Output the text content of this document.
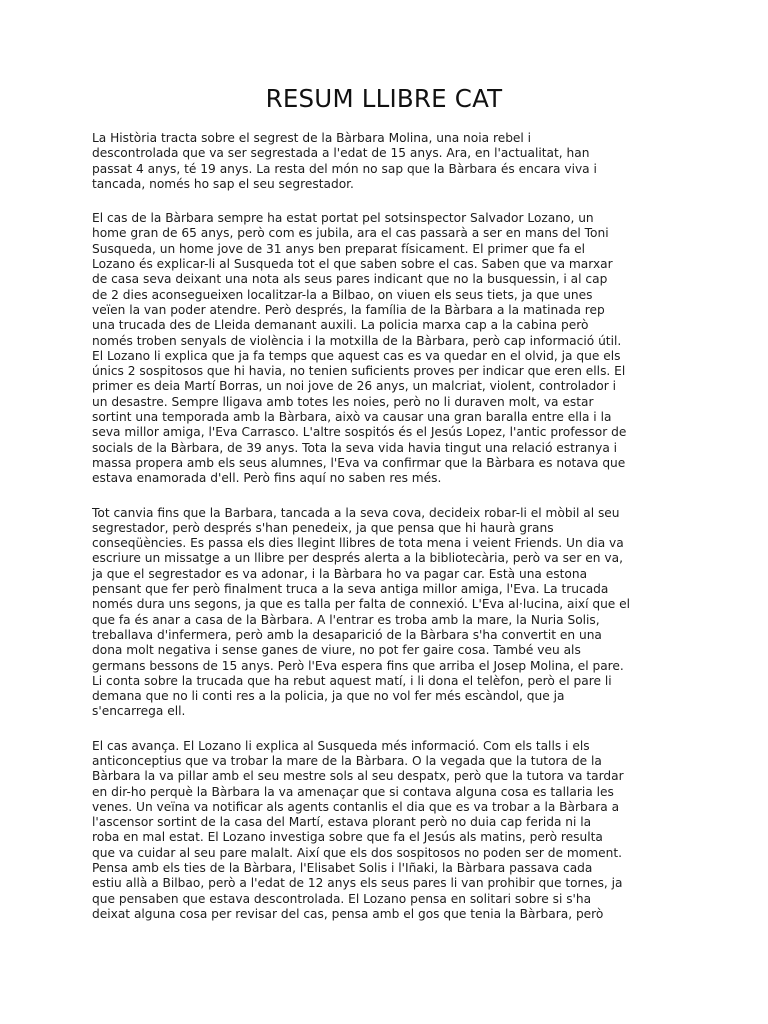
RESUM LLIBRE CAT

La Història tracta sobre el segrest de la Bàrbara Molina, una noia rebel i
descontrolada que va ser segrestada a l'edat de 15 anys. Ara, en l'actualitat, han
passat 4 anys, té 19 anys. La resta del món no sap que la Bàrbara és encara viva i
tancada, només ho sap el seu segrestador.

El cas de la Bàrbara sempre ha estat portat pel sotsinspector Salvador Lozano, un
home gran de 65 anys, però com es jubila, ara el cas passarà a ser en mans del Toni
Susqueda, un home jove de 31 anys ben preparat físicament. El primer que fa el
Lozano és explicar-li al Susqueda tot el que saben sobre el cas. Saben que va marxar
de casa seva deixant una nota als seus pares indicant que no la busquessin, i al cap
de 2 dies aconsegueixen localitzar-la a Bilbao, on viuen els seus tiets, ja que unes
veïen la van poder atendre. Però després, la família de la Bàrbara a la matinada rep
una trucada des de Lleida demanant auxili. La policia marxa cap a la cabina però
només troben senyals de violència i la motxilla de la Bàrbara, però cap informació útil.
El Lozano li explica que ja fa temps que aquest cas es va quedar en el olvid, ja que els
únics 2 sospitosos que hi havia, no tenien suficients proves per indicar que eren ells. El
primer es deia Martí Borras, un noi jove de 26 anys, un malcriat, violent, controlador i
un desastre. Sempre lligava amb totes les noies, però no li duraven molt, va estar
sortint una temporada amb la Bàrbara, això va causar una gran baralla entre ella i la
seva millor amiga, l'Eva Carrasco. L'altre sospitós és el Jesús Lopez, l'antic professor de
socials de la Bàrbara, de 39 anys. Tota la seva vida havia tingut una relació estranya i
massa propera amb els seus alumnes, l'Eva va confirmar que la Bàrbara es notava que
estava enamorada d'ell. Però fins aquí no saben res més.

Tot canvia fins que la Barbara, tancada a la seva cova, decideix robar-li el mòbil al seu
segrestador, però després s'han penedeix, ja que pensa que hi haurà grans
conseqüències. Es passa els dies llegint llibres de tota mena i veient Friends. Un dia va
escriure un missatge a un llibre per després alerta a la bibliotecària, però va ser en va,
ja que el segrestador es va adonar, i la Bàrbara ho va pagar car. Està una estona
pensant que fer però finalment truca a la seva antiga millor amiga, l'Eva. La trucada
només dura uns segons, ja que es talla per falta de connexió. L'Eva al·lucina, així que el
que fa és anar a casa de la Bàrbara. A l'entrar es troba amb la mare, la Nuria Solis,
treballava d'infermera, però amb la desaparició de la Bàrbara s'ha convertit en una
dona molt negativa i sense ganes de viure, no pot fer gaire cosa. També veu als
germans bessons de 15 anys. Però l'Eva espera fins que arriba el Josep Molina, el pare.
Li conta sobre la trucada que ha rebut aquest matí, i li dona el telèfon, però el pare li
demana que no li conti res a la policia, ja que no vol fer més escàndol, que ja
s'encarrega ell.

El cas avança. El Lozano li explica al Susqueda més informació. Com els talls i els
anticonceptius que va trobar la mare de la Bàrbara. O la vegada que la tutora de la
Bàrbara la va pillar amb el seu mestre sols al seu despatx, però que la tutora va tardar
en dir-ho perquè la Bàrbara la va amenaçar que si contava alguna cosa es tallaria les
venes. Un veïna va notificar als agents contanlis el dia que es va trobar a la Bàrbara a
l'ascensor sortint de la casa del Martí, estava plorant però no duia cap ferida ni la
roba en mal estat. El Lozano investiga sobre que fa el Jesús als matins, però resulta
que va cuidar al seu pare malalt. Així que els dos sospitosos no poden ser de moment.
Pensa amb els ties de la Bàrbara, l'Elisabet Solis i l'Iñaki, la Bàrbara passava cada
estiu allà a Bilbao, però a l'edat de 12 anys els seus pares li van prohibir que tornes, ja
que pensaben que estava descontrolada. El Lozano pensa en solitari sobre si s'ha
deixat alguna cosa per revisar del cas, pensa amb el gos que tenia la Bàrbara, però
